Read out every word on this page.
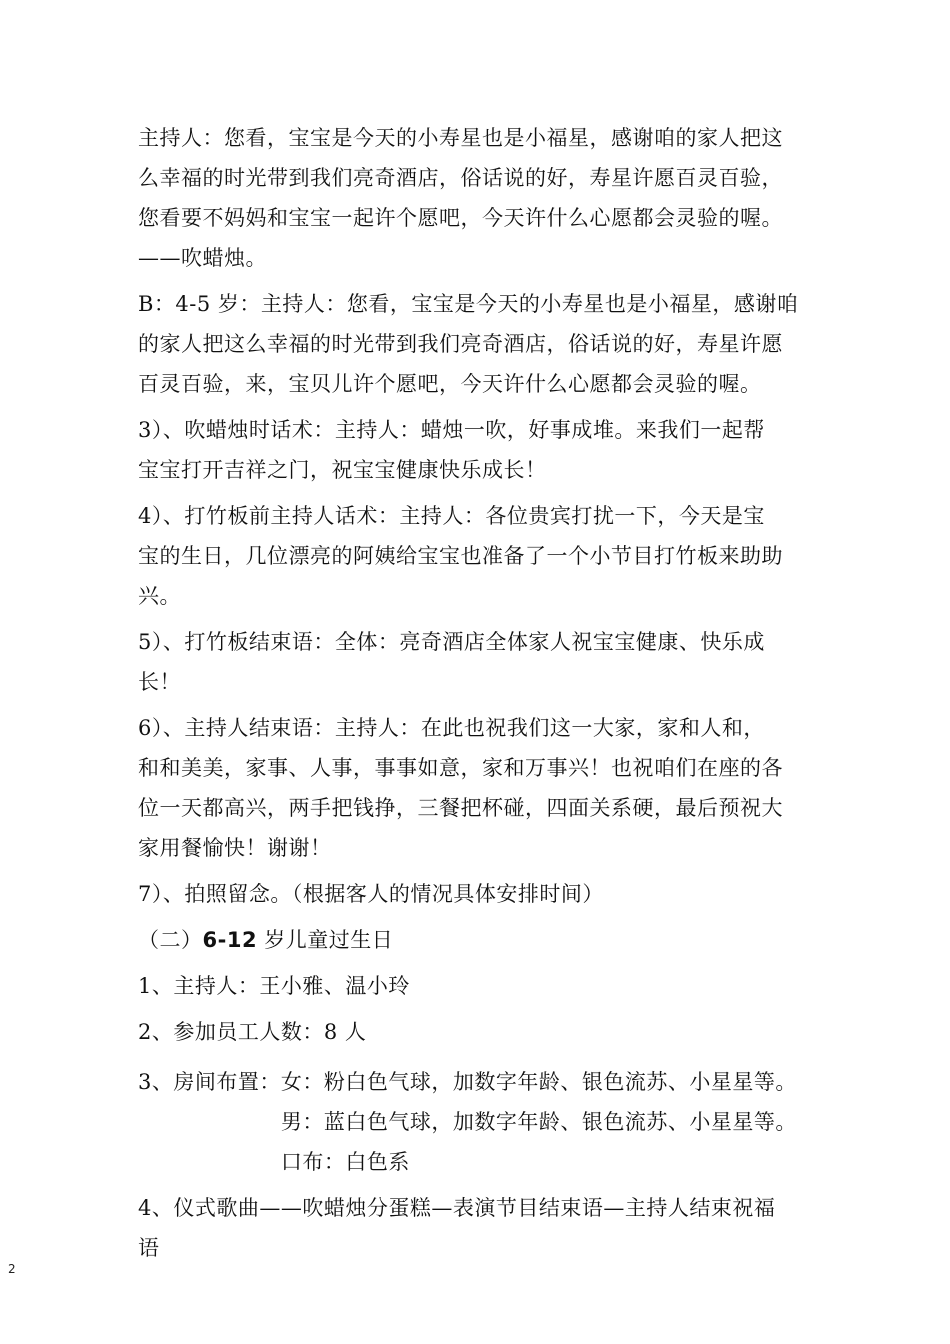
主持人：您看，宝宝是今天的小寿星也是小福星，感谢咱的家人把这
么幸福的时光带到我们亮奇酒店，俗话说的好，寿星许愿百灵百验，
您看要不妈妈和宝宝一起许个愿吧，今天许什么心愿都会灵验的喔。
——吹蜡烛。

B：4-5 岁：主持人：您看，宝宝是今天的小寿星也是小福星，感谢咱
的家人把这么幸福的时光带到我们亮奇酒店，俗话说的好，寿星许愿
百灵百验，来，宝贝儿许个愿吧，今天许什么心愿都会灵验的喔。

3）、吹蜡烛时话术：主持人：蜡烛一吹，好事成堆。来我们一起帮
宝宝打开吉祥之门，祝宝宝健康快乐成长！

4）、打竹板前主持人话术：主持人：各位贵宾打扰一下，今天是宝
宝的生日，几位漂亮的阿姨给宝宝也准备了一个小节目打竹板来助助
兴。

5）、打竹板结束语：全体：亮奇酒店全体家人祝宝宝健康、快乐成
长！

6）、主持人结束语：主持人：在此也祝我们这一大家，家和人和，
和和美美，家事、人事，事事如意，家和万事兴！也祝咱们在座的各
位一天都高兴，两手把钱挣，三餐把杯碰，四面关系硬，最后预祝大
家用餐愉快！谢谢！

7）、拍照留念。（根据客人的情况具体安排时间）

（二）6-12 岁儿童过生日

1、主持人：王小雅、温小玲

2、参加员工人数：8 人

3、房间布置： 女：粉白色气球，加数字年龄、银色流苏、小星星等。
男：蓝白色气球，加数字年龄、银色流苏、小星星等。
口布：白色系

4、仪式歌曲——吹蜡烛分蛋糕—表演节目结束语—主持人结束祝福
语

2
